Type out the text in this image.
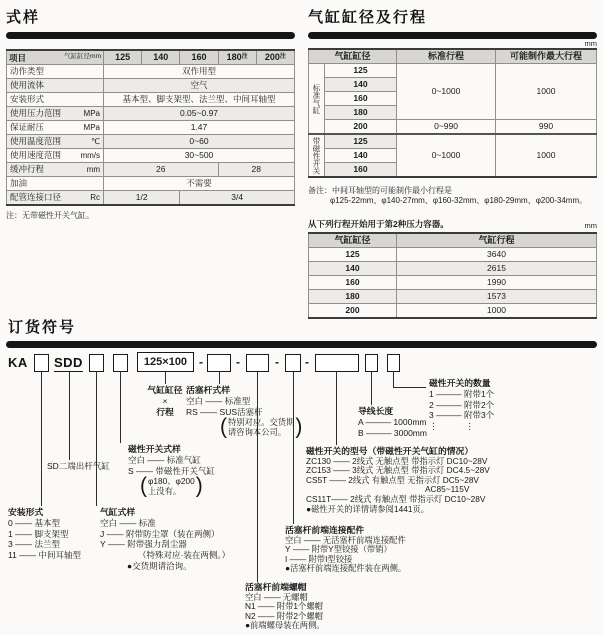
式样
气缸缸径mm
项目	125	140	160	$180^注$	$200^注$

动作类型	双作用型				

使用流体	空气				

安装形式	基本型、脚支架型、法兰型、中间耳轴型				

使用压力范围 MPa	0.05~0.97				

保证耐压 MPa	1.47				

使用温度范围 ℃	0~60				

使用速度范围 mm/s	30~500				

缓冲行程 mm	26			28	

加油	不需要				

配管连接口径 Rc	1/2		3/4		
注：无带磁性开关气缸。
气缸缸径及行程
mm
气缸缸径		标准行程	可能制作最大行程
标准气缸	125	0~1000	1000
	140		
	160		
	180		
	200	0~990	990
带磁性开关	125	0~1000	1000
	140		
	160		
备注：中间耳轴型的可能制作最小行程是
φ125-22mm、φ140-27mm、φ160-32mm、φ180-29mm、φ200-34mm。
从下列行程开始用于第2种压力容器。	mm
气缸缸径	气缸行程
125	3640
140	2615
160	1990
180	1573
200	1000
订货符号
KA SDD	125×100 -	-	- -
安装形式
0 —— 基本型
1 —— 脚支架型
3 —— 法兰型
11 —— 中间耳轴型
SD二端出杆气缸
气缸式样
空白 —— 标准
J —— 附带防尘罩（装在两侧）
Y —— 附带强力刮尘器
（特殊对应·装在两侧。）
●交货期请洽询。
磁性开关式样
空白 —— 标准气缸
S —— 带磁性开关气缸
( φ180、φ200
上没有。 )
气缸缸径
×
行程
活塞杆式样
空白 —— 标准型
RS —— SUS活塞杆
( 特别对应。交货期
请咨询本公司。 )
活塞杆前端螺帽
空白 —— 无螺帽
N1 —— 附带1个螺帽
N2 —— 附带2个螺帽
●前端螺母装在两侧。
活塞杆前端连接配件
空白 —— 无活塞杆前端连接配件
Y —— 附带Y型铰接（带销）
I —— 附带I型铰接
●活塞杆前端连接配件装在两侧。
磁性开关的型号（带磁性开关气缸的情况）
ZC130 —— 2线式 无触点型 带指示灯 DC10~28V
ZC153 —— 3线式 无触点型 带指示灯 DC4.5~28V
CS5T —— 2线式 有触点型 无指示灯 DC5~28V
AC85~115V
CS11T—— 2线式 有触点型 带指示灯 DC10~28V
●磁性开关的详情请参阅1441页。
导线长度
A ——— 1000mm
B ——— 3000mm
磁性开关的数量
1 ——— 附带1个
2 ——— 附带2个
3 ——— 附带3个
⋮　　　 ⋮
